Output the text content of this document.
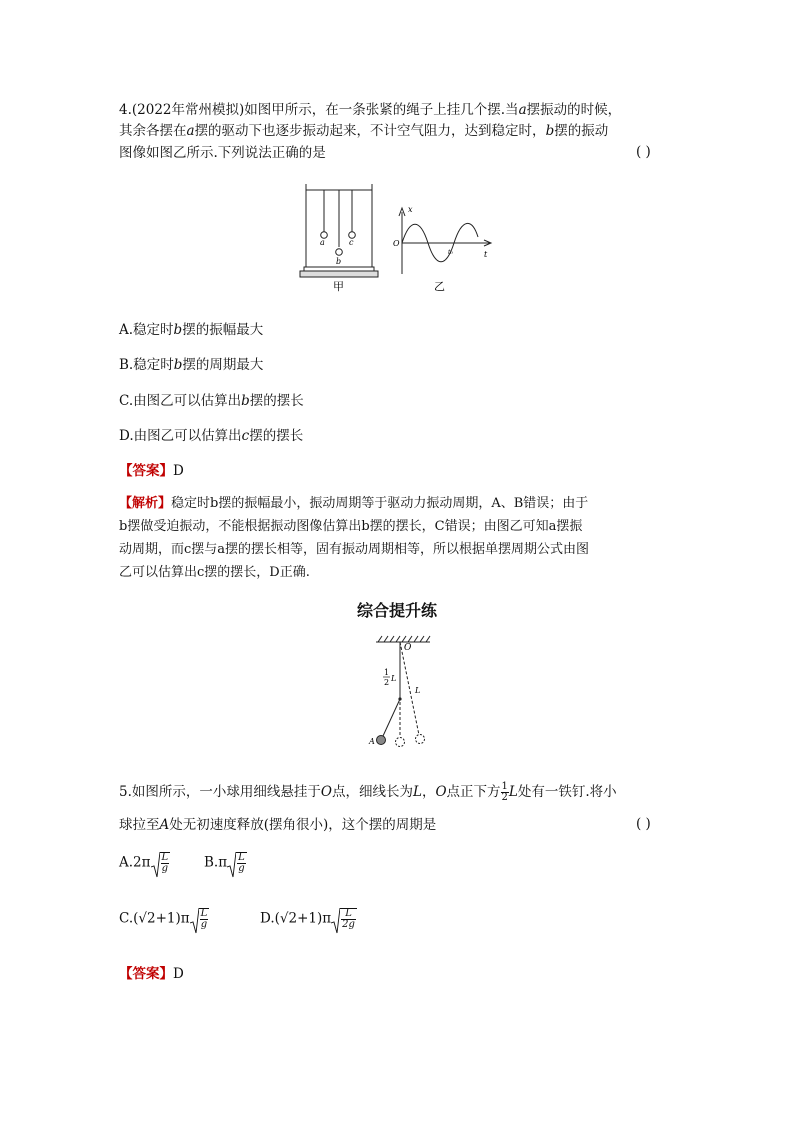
4.(2022年常州模拟)如图甲所示，在一条张紧的绳子上挂几个摆.当a摆振动的时候，
其余各摆在a摆的驱动下也逐步振动起来，不计空气阻力，达到稳定时，b摆的振动
图像如图乙所示.下列说法正确的是	( )
a
b
c
甲
x
t
O
t₀
乙
A.稳定时b摆的振幅最大
B.稳定时b摆的周期最大
C.由图乙可以估算出b摆的摆长
D.由图乙可以估算出c摆的摆长
【答案】D
【解析】稳定时b摆的振幅最小，振动周期等于驱动力振动周期，A、B错误；由于
b摆做受迫振动，不能根据振动图像估算出b摆的摆长，C错误；由图乙可知a摆振
动周期，而c摆与a摆的摆长相等，固有振动周期相等，所以根据单摆周期公式由图
乙可以估算出c摆的摆长，D正确.
综合提升练
O
1
2 L
L
A
5.如图所示，一小球用细线悬挂于O点，细线长为L，O点正下方 $\frac{1}{2}$ L处有一铁钉.将小
球拉至A处无初速度释放(摆角很小)，这个摆的周期是	( )
$A.2\pi \frac{L}{g}$	$B.\pi \frac{L}{g}$
$C.(√2+1)\pi \frac{L}{g}$	$D.(√2+1)\pi \frac{L}{2g}$
【答案】D
